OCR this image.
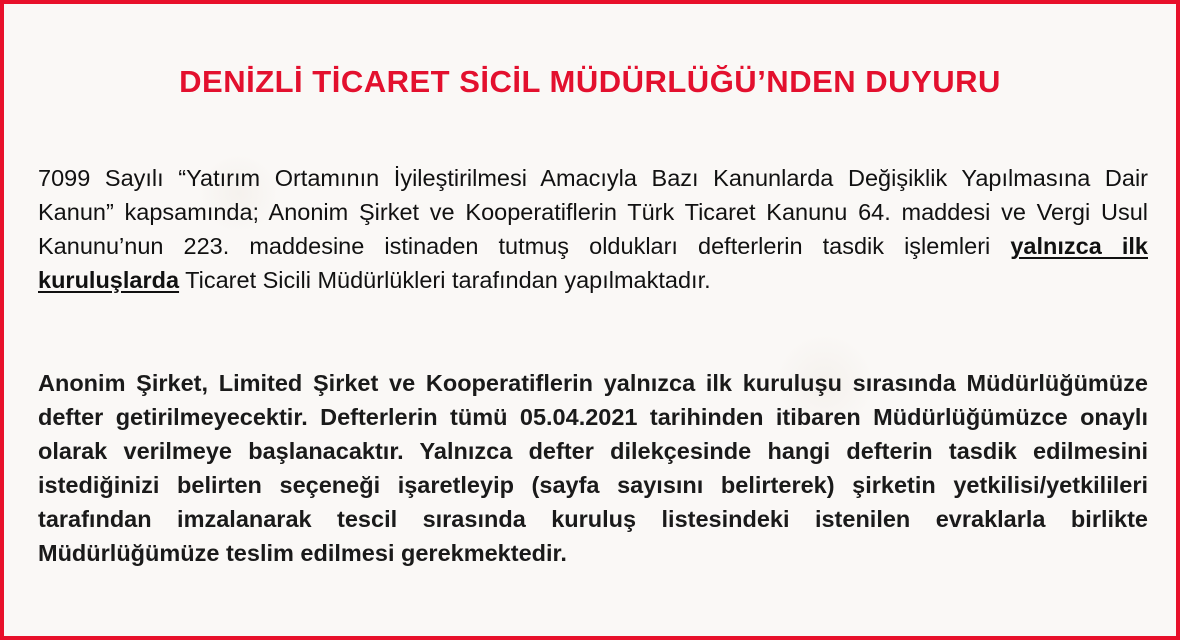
DENİZLİ TİCARET SİCİL MÜDÜRLÜĞÜ’NDEN DUYURU

7099 Sayılı “Yatırım Ortamının İyileştirilmesi Amacıyla Bazı Kanunlarda Değişiklik Yapılmasına Dair Kanun” kapsamında; Anonim Şirket ve Kooperatiflerin Türk Ticaret Kanunu 64. maddesi ve Vergi Usul Kanunu’nun 223. maddesine istinaden tutmuş oldukları defterlerin tasdik işlemleri yalnızca ilk kuruluşlarda Ticaret Sicili Müdürlükleri tarafından yapılmaktadır.

Anonim Şirket, Limited Şirket ve Kooperatiflerin yalnızca ilk kuruluşu sırasında Müdürlüğümüze defter getirilmeyecektir. Defterlerin tümü 05.04.2021 tarihinden itibaren Müdürlüğümüzce onaylı olarak verilmeye başlanacaktır. Yalnızca defter dilekçesinde hangi defterin tasdik edilmesini istediğinizi belirten seçeneği işaretleyip (sayfa sayısını belirterek) şirketin yetkilisi/yetkilileri tarafından imzalanarak tescil sırasında kuruluş listesindeki istenilen evraklarla birlikte Müdürlüğümüze teslim edilmesi gerekmektedir.
